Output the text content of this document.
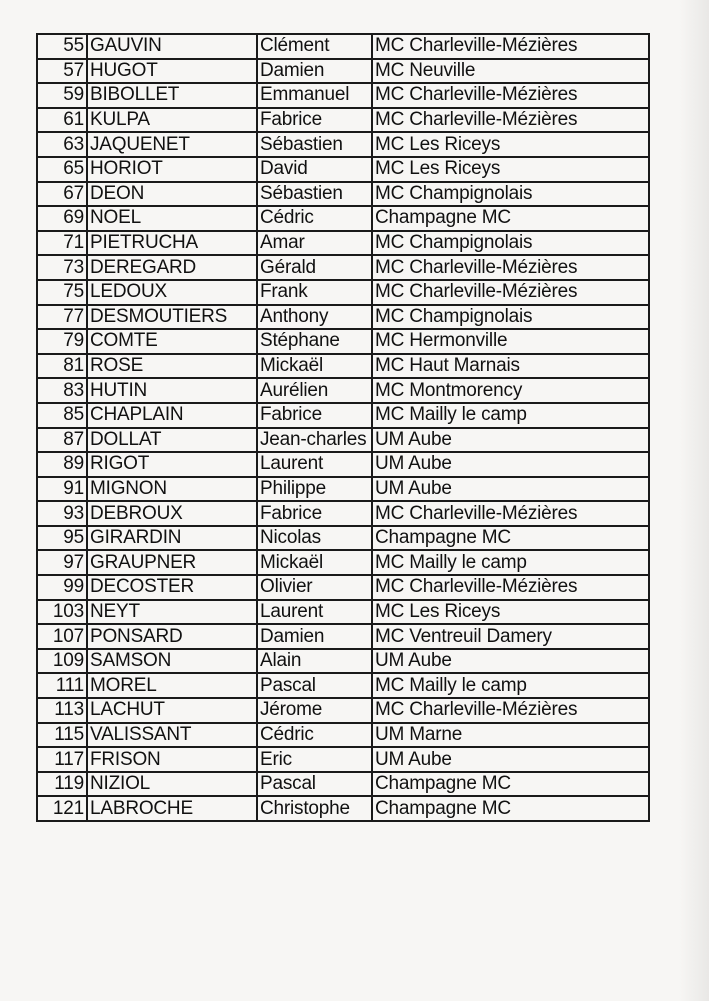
55	GAUVIN	Clément	MC Charleville-Mézières
57	HUGOT	Damien	MC Neuville
59	BIBOLLET	Emmanuel	MC Charleville-Mézières
61	KULPA	Fabrice	MC Charleville-Mézières
63	JAQUENET	Sébastien	MC Les Riceys
65	HORIOT	David	MC Les Riceys
67	DEON	Sébastien	MC Champignolais
69	NOEL	Cédric	Champagne MC
71	PIETRUCHA	Amar	MC Champignolais
73	DEREGARD	Gérald	MC Charleville-Mézières
75	LEDOUX	Frank	MC Charleville-Mézières
77	DESMOUTIERS	Anthony	MC Champignolais
79	COMTE	Stéphane	MC Hermonville
81	ROSE	Mickaël	MC Haut Marnais
83	HUTIN	Aurélien	MC Montmorency
85	CHAPLAIN	Fabrice	MC Mailly le camp
87	DOLLAT	Jean-charles	UM Aube
89	RIGOT	Laurent	UM Aube
91	MIGNON	Philippe	UM Aube
93	DEBROUX	Fabrice	MC Charleville-Mézières
95	GIRARDIN	Nicolas	Champagne MC
97	GRAUPNER	Mickaël	MC Mailly le camp
99	DECOSTER	Olivier	MC Charleville-Mézières
103	NEYT	Laurent	MC Les Riceys
107	PONSARD	Damien	MC Ventreuil Damery
109	SAMSON	Alain	UM Aube
111	MOREL	Pascal	MC Mailly le camp
113	LACHUT	Jérome	MC Charleville-Mézières
115	VALISSANT	Cédric	UM Marne
117	FRISON	Eric	UM Aube
119	NIZIOL	Pascal	Champagne MC
121	LABROCHE	Christophe	Champagne MC
